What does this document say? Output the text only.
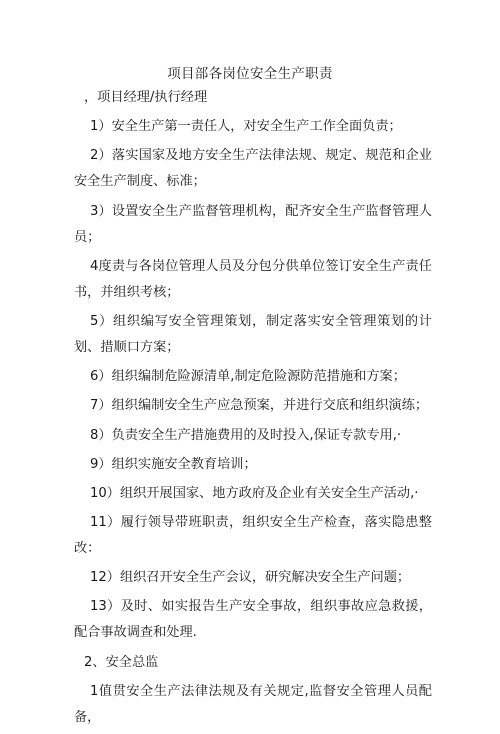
项目部各岗位安全生产职责

，项目经理/执行经理

1）安全生产第一责任人，对安全生产工作全面负责；

2）落实国家及地方安全生产法律法规、规定、规范和企业安全生产制度、标准；

3）设置安全生产监督管理机构，配齐安全生产监督管理人员；

4度责与各岗位管理人员及分包分供单位签订安全生产责任书，并组织考核；

5）组织编写安全管理策划，制定落实安全管理策划的计划、措顺口方案；

6）组织编制危险源清单,制定危险源防范措施和方案；

7）组织编制安全生产应急预案，并进行交底和组织演练；

8）负责安全生产措施费用的及时投入,保证专款专用,·

9）组织实施安全教育培训；

10）组织开展国家、地方政府及企业有关安全生产活动,·

11）履行领导带班职责，组织安全生产检查，落实隐患整改：

12）组织召开安全生产会议，研究解决安全生产问题；

13）及时、如实报告生产安全事故，组织事故应急救援，配合事故调查和处理.

2、安全总监

1值贯安全生产法律法规及有关规定,监督安全管理人员配备，
